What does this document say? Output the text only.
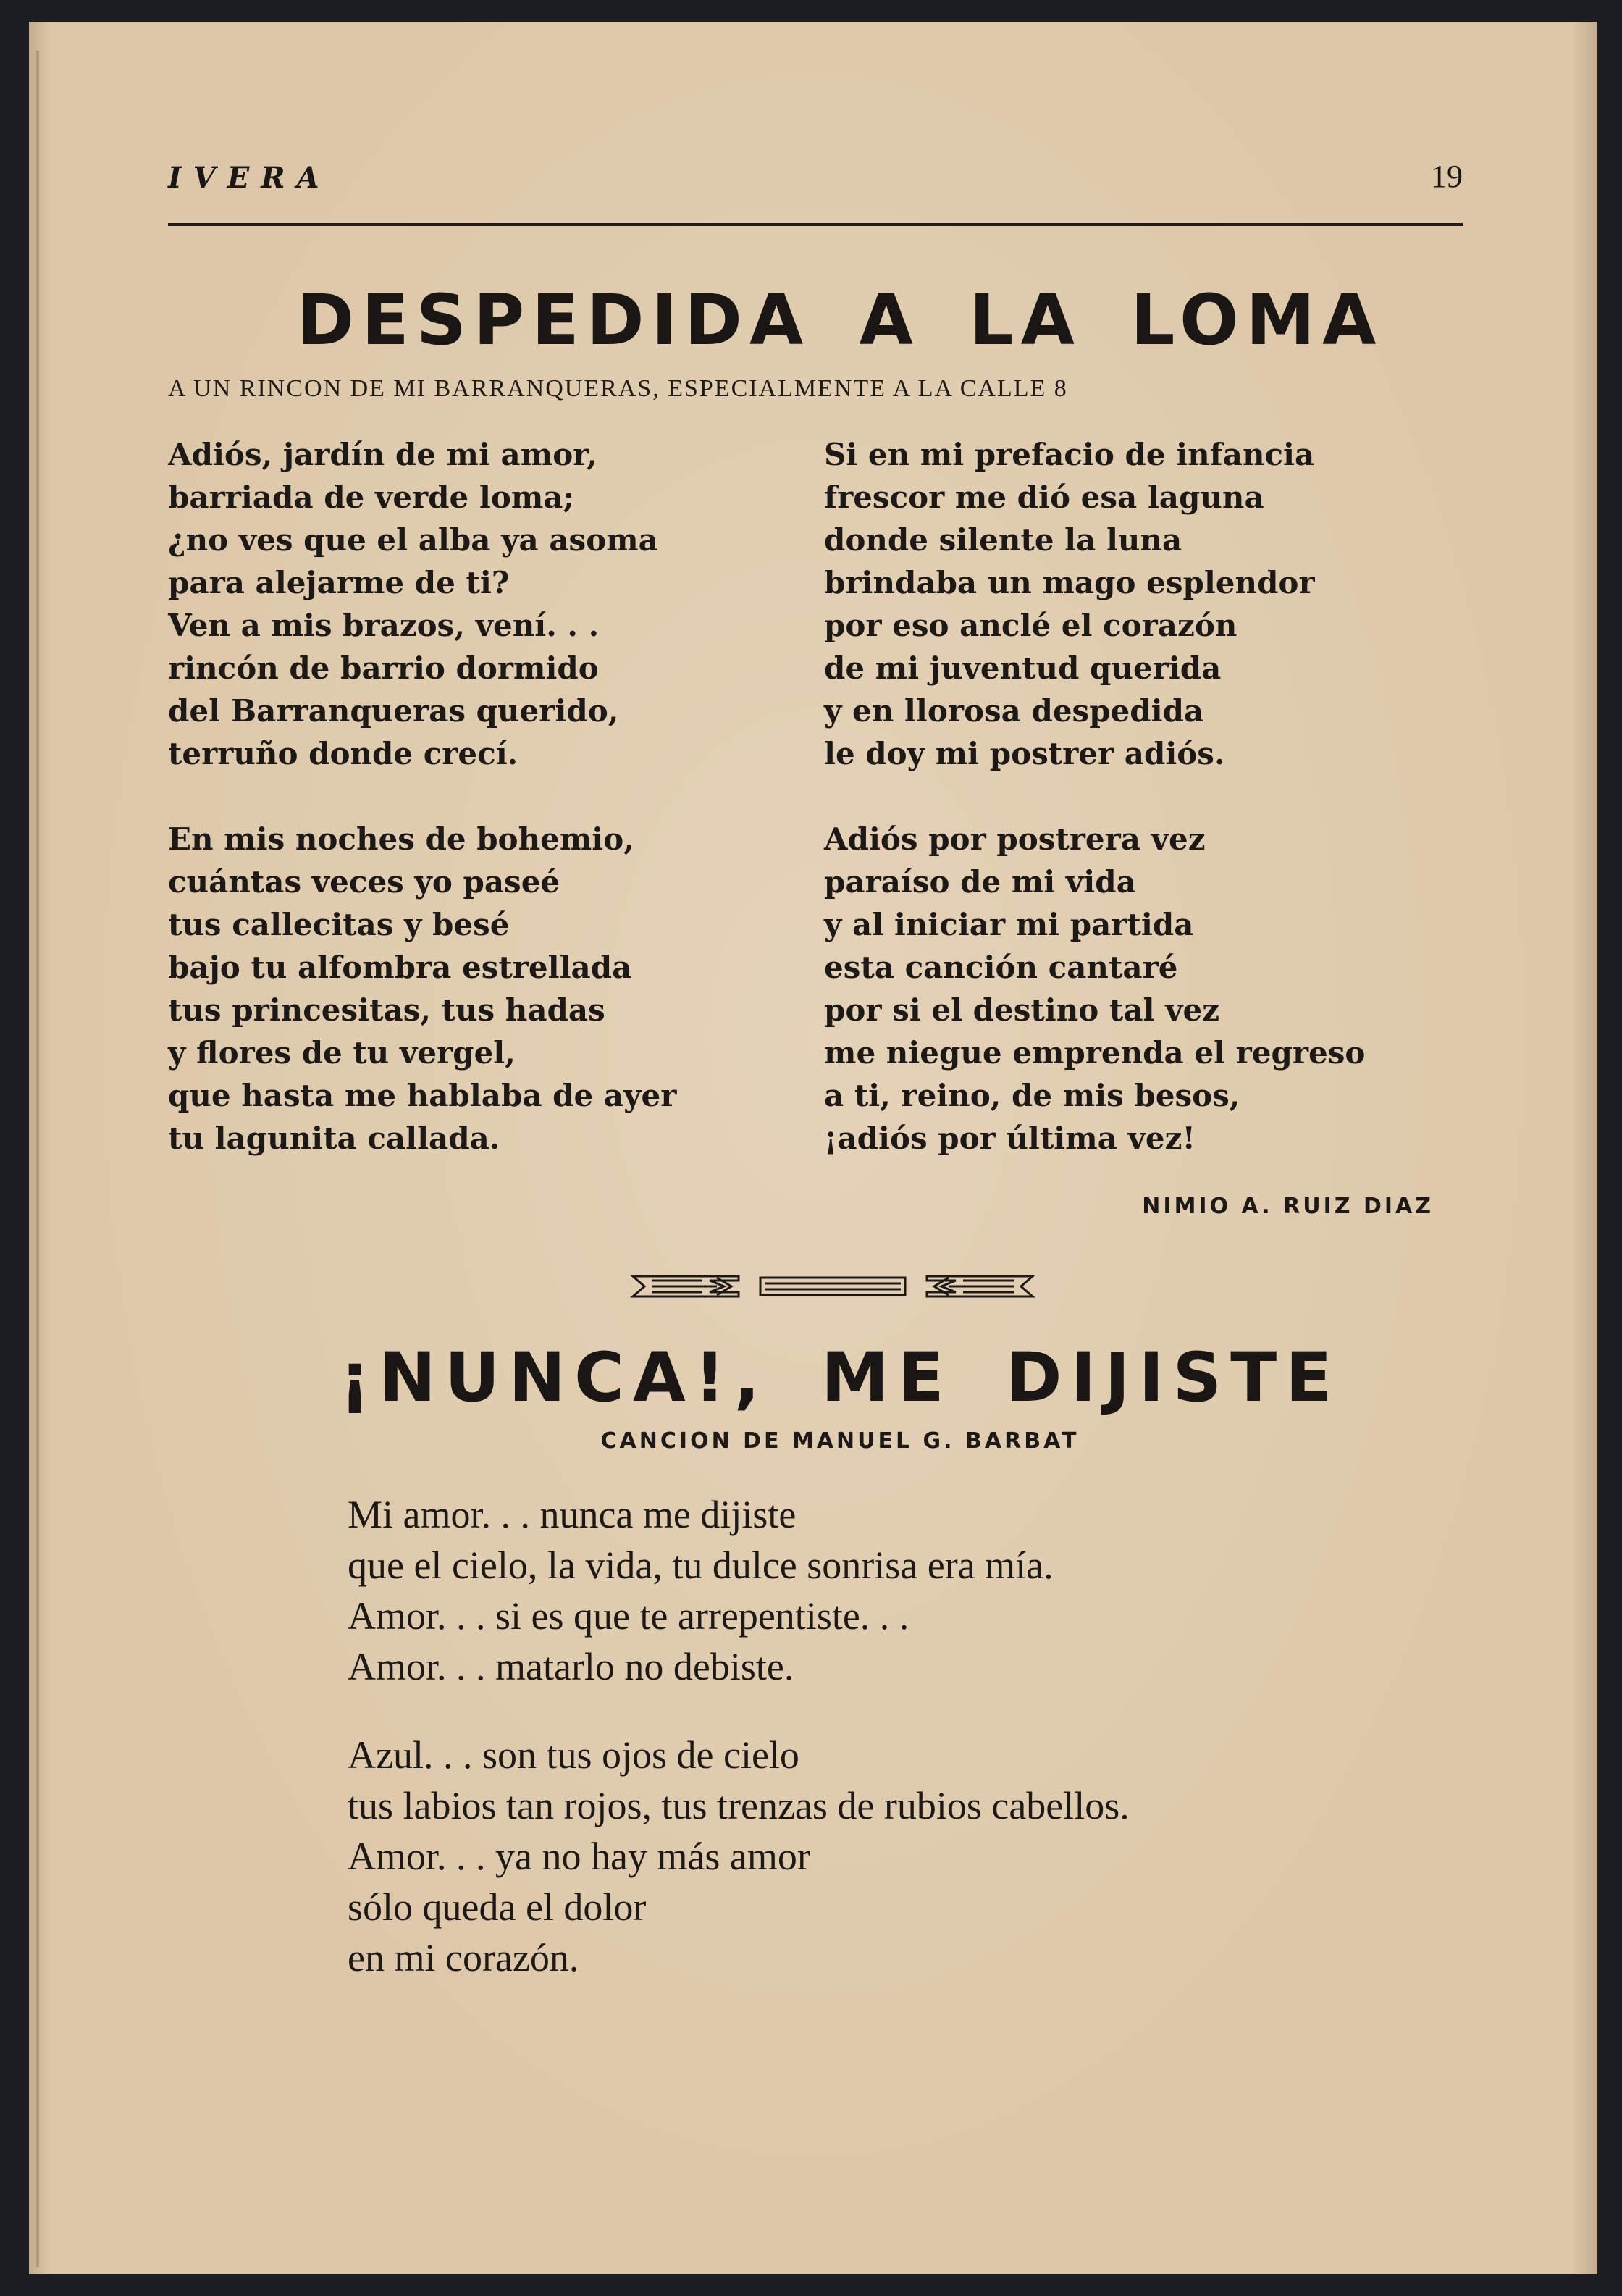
IVERA	19
DESPEDIDA A LA LOMA
A UN RINCON DE MI BARRANQUERAS, ESPECIALMENTE A LA CALLE 8
Adiós, jardín de mi amor,
barriada de verde loma;
¿no ves que el alba ya asoma
para alejarme de ti?
Ven a mis brazos, vení. . .
rincón de barrio dormido
del Barranqueras querido,
terruño donde crecí.
En mis noches de bohemio,
cuántas veces yo paseé
tus callecitas y besé
bajo tu alfombra estrellada
tus princesitas, tus hadas
y flores de tu vergel,
que hasta me hablaba de ayer
tu lagunita callada.
Si en mi prefacio de infancia
frescor me dió esa laguna
donde silente la luna
brindaba un mago esplendor
por eso anclé el corazón
de mi juventud querida
y en llorosa despedida
le doy mi postrer adiós.
Adiós por postrera vez
paraíso de mi vida
y al iniciar mi partida
esta canción cantaré
por si el destino tal vez
me niegue emprenda el regreso
a ti, reino, de mis besos,
¡adiós por última vez!
NIMIO A. RUIZ DIAZ
¡NUNCA!, ME DIJISTE
CANCION DE MANUEL G. BARBAT
Mi amor. . . nunca me dijiste
que el cielo, la vida, tu dulce sonrisa era mía.
Amor. . . si es que te arrepentiste. . .
Amor. . . matarlo no debiste.
Azul. . . son tus ojos de cielo
tus labios tan rojos, tus trenzas de rubios cabellos.
Amor. . . ya no hay más amor
sólo queda el dolor
en mi corazón.
